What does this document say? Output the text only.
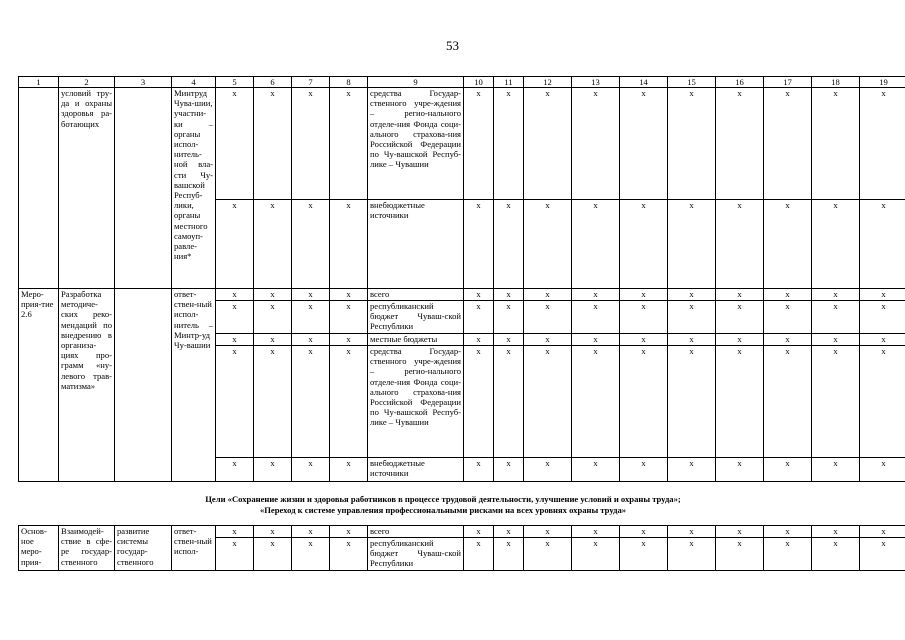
53
1	2	3	4	5	6	7	8	9	10	11	12	13	14	15	16	17	18	19
	условий тру-да и охраны здоровья ра-ботающих		Минтруд Чува-шии, участни-ки – органы испол-нитель-ной вла-сти Чу-вашской Респуб-лики, органы местного самоуп-равле-ния*	x	x	x	x	средства Государ-ственного учре-ждения – регио-нального отделе-ния Фонда соци-ального страхова-ния Российской Федерации по Чу-вашской Респуб-лике – Чувашии	x	x	x	x	x	x	x	x	x	x
				x	x	x	x	внебюджетные источники	x	x	x	x	x	x	x	x	x	x
Меро-прия-тие 2.6	Разработка методиче-ских реко-мендаций по внедрению в организа-циях про-грамм «ну-левого трав-матизма»		ответ-ствен-ный испол-нитель – Минтр-уд Чу-вашии	x	x	x	x	всего	x	x	x	x	x	x	x	x	x	x
				x	x	x	x	республиканский бюджет Чуваш-ской Республики	x	x	x	x	x	x	x	x	x	x
				x	x	x	x	местные бюджеты	x	x	x	x	x	x	x	x	x	x
				x	x	x	x	средства Государ-ственного учре-ждения – регио-нального отделе-ния Фонда соци-ального страхова-ния Российской Федерации по Чу-вашской Респуб-лике – Чувашии	x	x	x	x	x	x	x	x	x	x
				x	x	x	x	внебюджетные источники	x	x	x	x	x	x	x	x	x	x
Цели «Сохранение жизни и здоровья работников в процессе трудовой деятельности, улучшение условий и охраны труда»;
«Переход к системе управления профессиональными рисками на всех уровнях охраны труда»
Основ-ное меро-прия-	Взаимодей-ствие в сфе-ре государ-ственного	развитие системы государ-ственного	ответ-ствен-ный испол-	x	x	x	x	всего	x	x	x	x	x	x	x	x	x	x
				x	x	x	x	республиканский бюджет Чуваш-ской Республики	x	x	x	x	x	x	x	x	x	x
